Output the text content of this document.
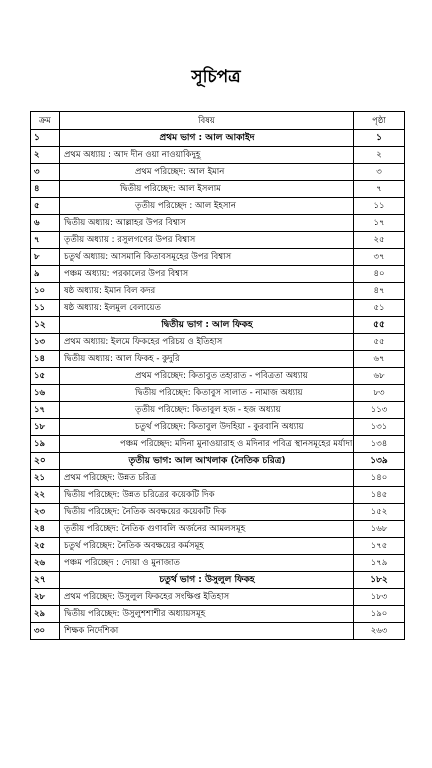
সূচিপত্র
ক্রম	বিষয়	পৃষ্ঠা
১	প্রথম ভাগ : আল আকাইদ	১
২	প্রথম অধ্যায় : আদ দীন ওয়া নাওয়াকিদুহূ	২
৩	প্রথম পরিচ্ছেদ: আল ইমান	৩
৪	দ্বিতীয় পরিচ্ছেদ: আল ইসলাম	৭
৫	তৃতীয় পরিচ্ছেদ : আল ইহসান	১১
৬	দ্বিতীয় অধ্যায়: আল্লাহর উপর বিশ্বাস	১৭
৭	তৃতীয় অধ্যায় : রসুলগণের উপর বিশ্বাস	২৫
৮	চতুর্থ অধ্যায়: আসমানি কিতাবসমূহের উপর বিশ্বাস	৩৭
৯	পঞ্চম অধ্যায়: পরকালের উপর বিশ্বাস	৪০
১০	ষষ্ঠ অধ্যায়: ইমান বিল কদর	৪৭
১১	ষষ্ঠ অধ্যায়: ইলমুল বেলায়েত	৫১
১২	দ্বিতীয় ভাগ : আল ফিকহ	৫৫
১৩	প্রথম অধ্যায়: ইলমে ফিকহের পরিচয় ও ইতিহাস	৫৫
১৪	দ্বিতীয় অধ্যায়: আল ফিকহ - কুদুরি	৬৭
১৫	প্রথম পরিচ্ছেদ: কিতাবুত তহারাত - পবিত্রতা অধ্যায়	৬৮
১৬	দ্বিতীয় পরিচ্ছেদ: কিতাবুস সালাত - নামাজ অধ্যায়	৮৩
১৭	তৃতীয় পরিচ্ছেদ: কিতাবুল হজ - হজ অধ্যায়	১১৩
১৮	চতুর্থ পরিচ্ছেদ: কিতাবুল উদহিয়া - কুরবানি অধ্যায়	১৩১
১৯	পঞ্চম পরিচ্ছেদ: মদিনা মুনাওয়ারাহ ও মদিনার পবিত্র স্থানসমূহের মর্যাদা	১৩৪
২০	তৃতীয় ভাগ: আল আখলাক (নৈতিক চরিত্র)	১৩৯
২১	প্রথম পরিচ্ছেদ: উন্নত চরিত্র	১৪০
২২	দ্বিতীয় পরিচ্ছেদ: উন্নত চরিত্রের কয়েকটি দিক	১৪৫
২৩	দ্বিতীয় পরিচ্ছেদ: নৈতিক অবক্ষয়ের কয়েকটি দিক	১৫২
২৪	তৃতীয় পরিচ্ছেদ: নৈতিক গুণাবলি অর্জনের আমলসমূহ	১৬৮
২৫	চতুর্থ পরিচ্ছেদ: নৈতিক অবক্ষয়ের কর্মসমূহ	১৭৫
২৬	পঞ্চম পরিচ্ছেদ : দোয়া ও মুনাজাত	১৭৯
২৭	চতুর্থ ভাগ : উসুলুল ফিকহ	১৮২
২৮	প্রথম পরিচ্ছেদ: উসুলুল ফিকহের সংক্ষিপ্ত ইতিহাস	১৮৩
২৯	দ্বিতীয় পরিচ্ছেদ: উসুলুশশাশীর অধ্যায়সমূহ	১৯০
৩০	শিক্ষক নির্দেশিকা	২৬৩
